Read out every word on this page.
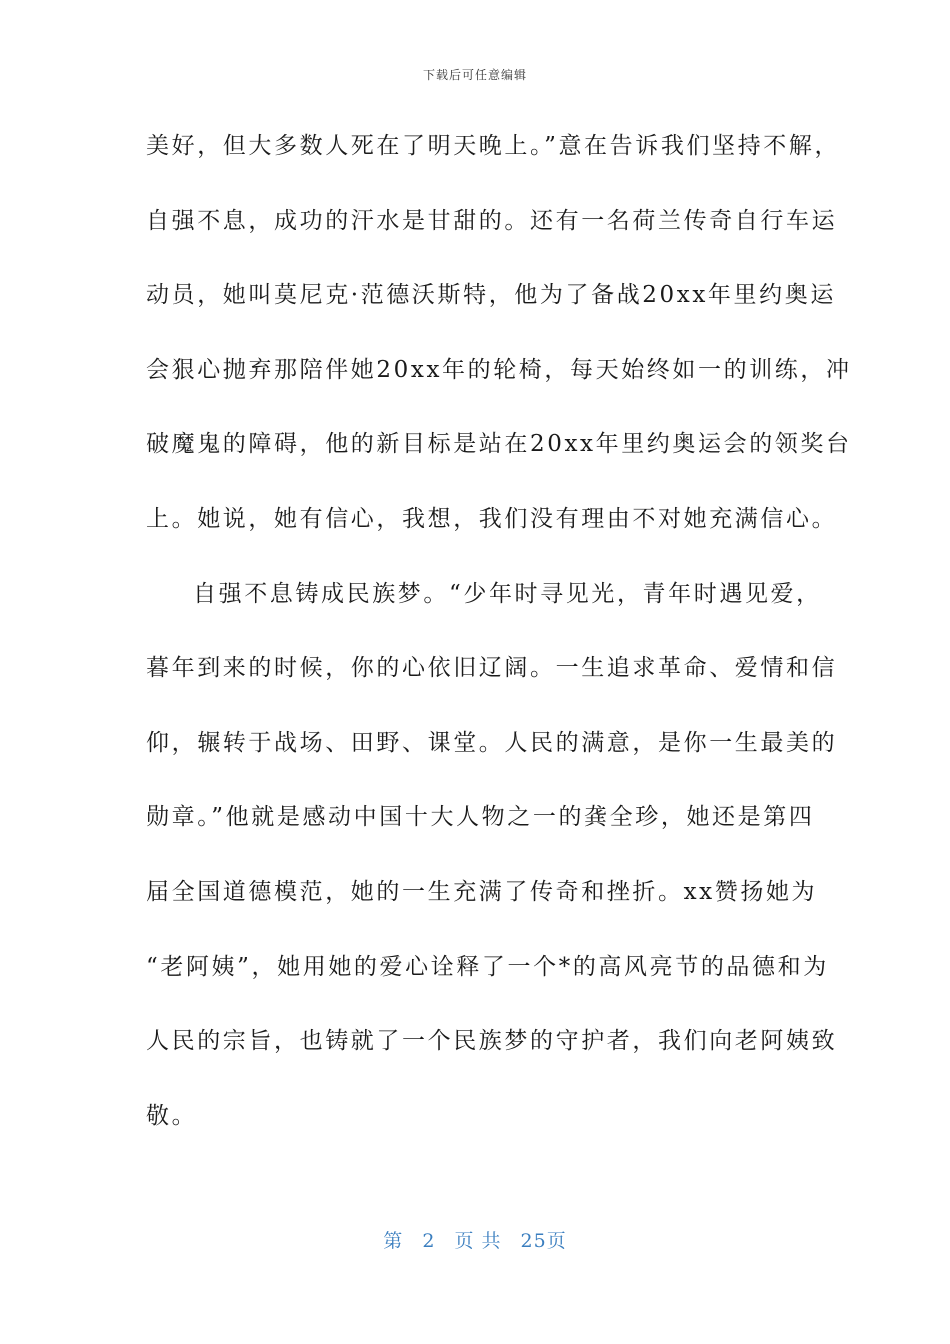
下载后可任意编辑
美好，但大多数人死在了明天晚上。”意在告诉我们坚持不解，
自强不息，成功的汗水是甘甜的。还有一名荷兰传奇自行车运
动员，她叫莫尼克·范德沃斯特，他为了备战20xx年里约奥运
会狠心抛弃那陪伴她20xx年的轮椅，每天始终如一的训练，冲
破魔鬼的障碍，他的新目标是站在20xx年里约奥运会的领奖台
上。她说，她有信心，我想，我们没有理由不对她充满信心。
自强不息铸成民族梦。“少年时寻见光，青年时遇见爱，
暮年到来的时候，你的心依旧辽阔。一生追求革命、爱情和信
仰，辗转于战场、田野、课堂。人民的满意，是你一生最美的
勋章。”他就是感动中国十大人物之一的龚全珍，她还是第四
届全国道德模范，她的一生充满了传奇和挫折。xx赞扬她为
“老阿姨”，她用她的爱心诠释了一个*的高风亮节的品德和为
人民的宗旨，也铸就了一个民族梦的守护者，我们向老阿姨致
敬。
第 2 页 共 25页
